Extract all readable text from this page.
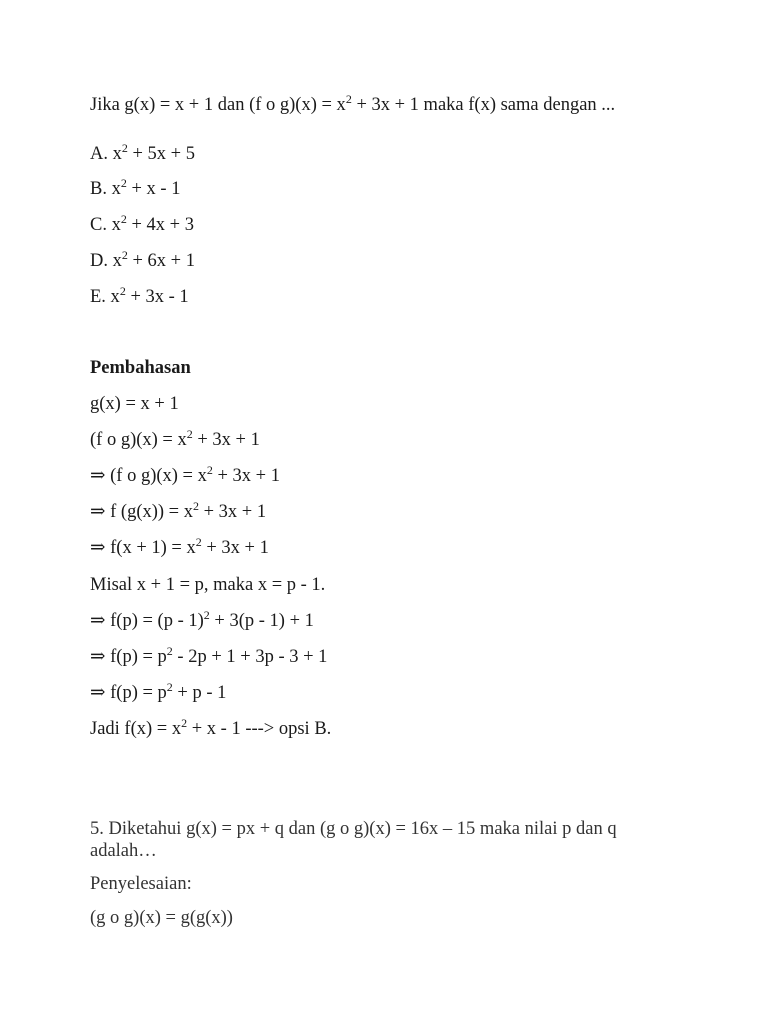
Jika g(x) = x + 1 dan (f o $g)(x) = x^2 + 3x + 1$ maka f(x) sama dengan ...
A. $x^2 + 5x + 5$
B. $x^2 + x - 1$
C. $x^2 + 4x + 3$
D. $x^2 + 6x + 1$
E. $x^2 + 3x - 1$
Pembahasan
g(x) = x + 1
(f o $g)(x) = x^2 + 3x + 1$
⇒ (f o $g)(x) = x^2 + 3x + 1$
⇒ f $(g(x)) = x^2 + 3x + 1$
⇒ $f(x + 1) = x^2 + 3x + 1$
Misal x + 1 = p, maka x = p - 1.
⇒ f(p) = (p - 1)$^2$ + 3(p - 1) + 1
⇒ $f(p) = p^2 - 2p + 1 + 3p - 3 + 1$
⇒ $f(p) = p^2 + p - 1$
Jadi $f(x) = x^2 + x - 1$ ---> opsi B.
5. Diketahui g(x) = px + q dan (g o g)(x) = 16x – 15 maka nilai p dan q adalah…
Penyelesaian:
(g o g)(x) = g(g(x))
